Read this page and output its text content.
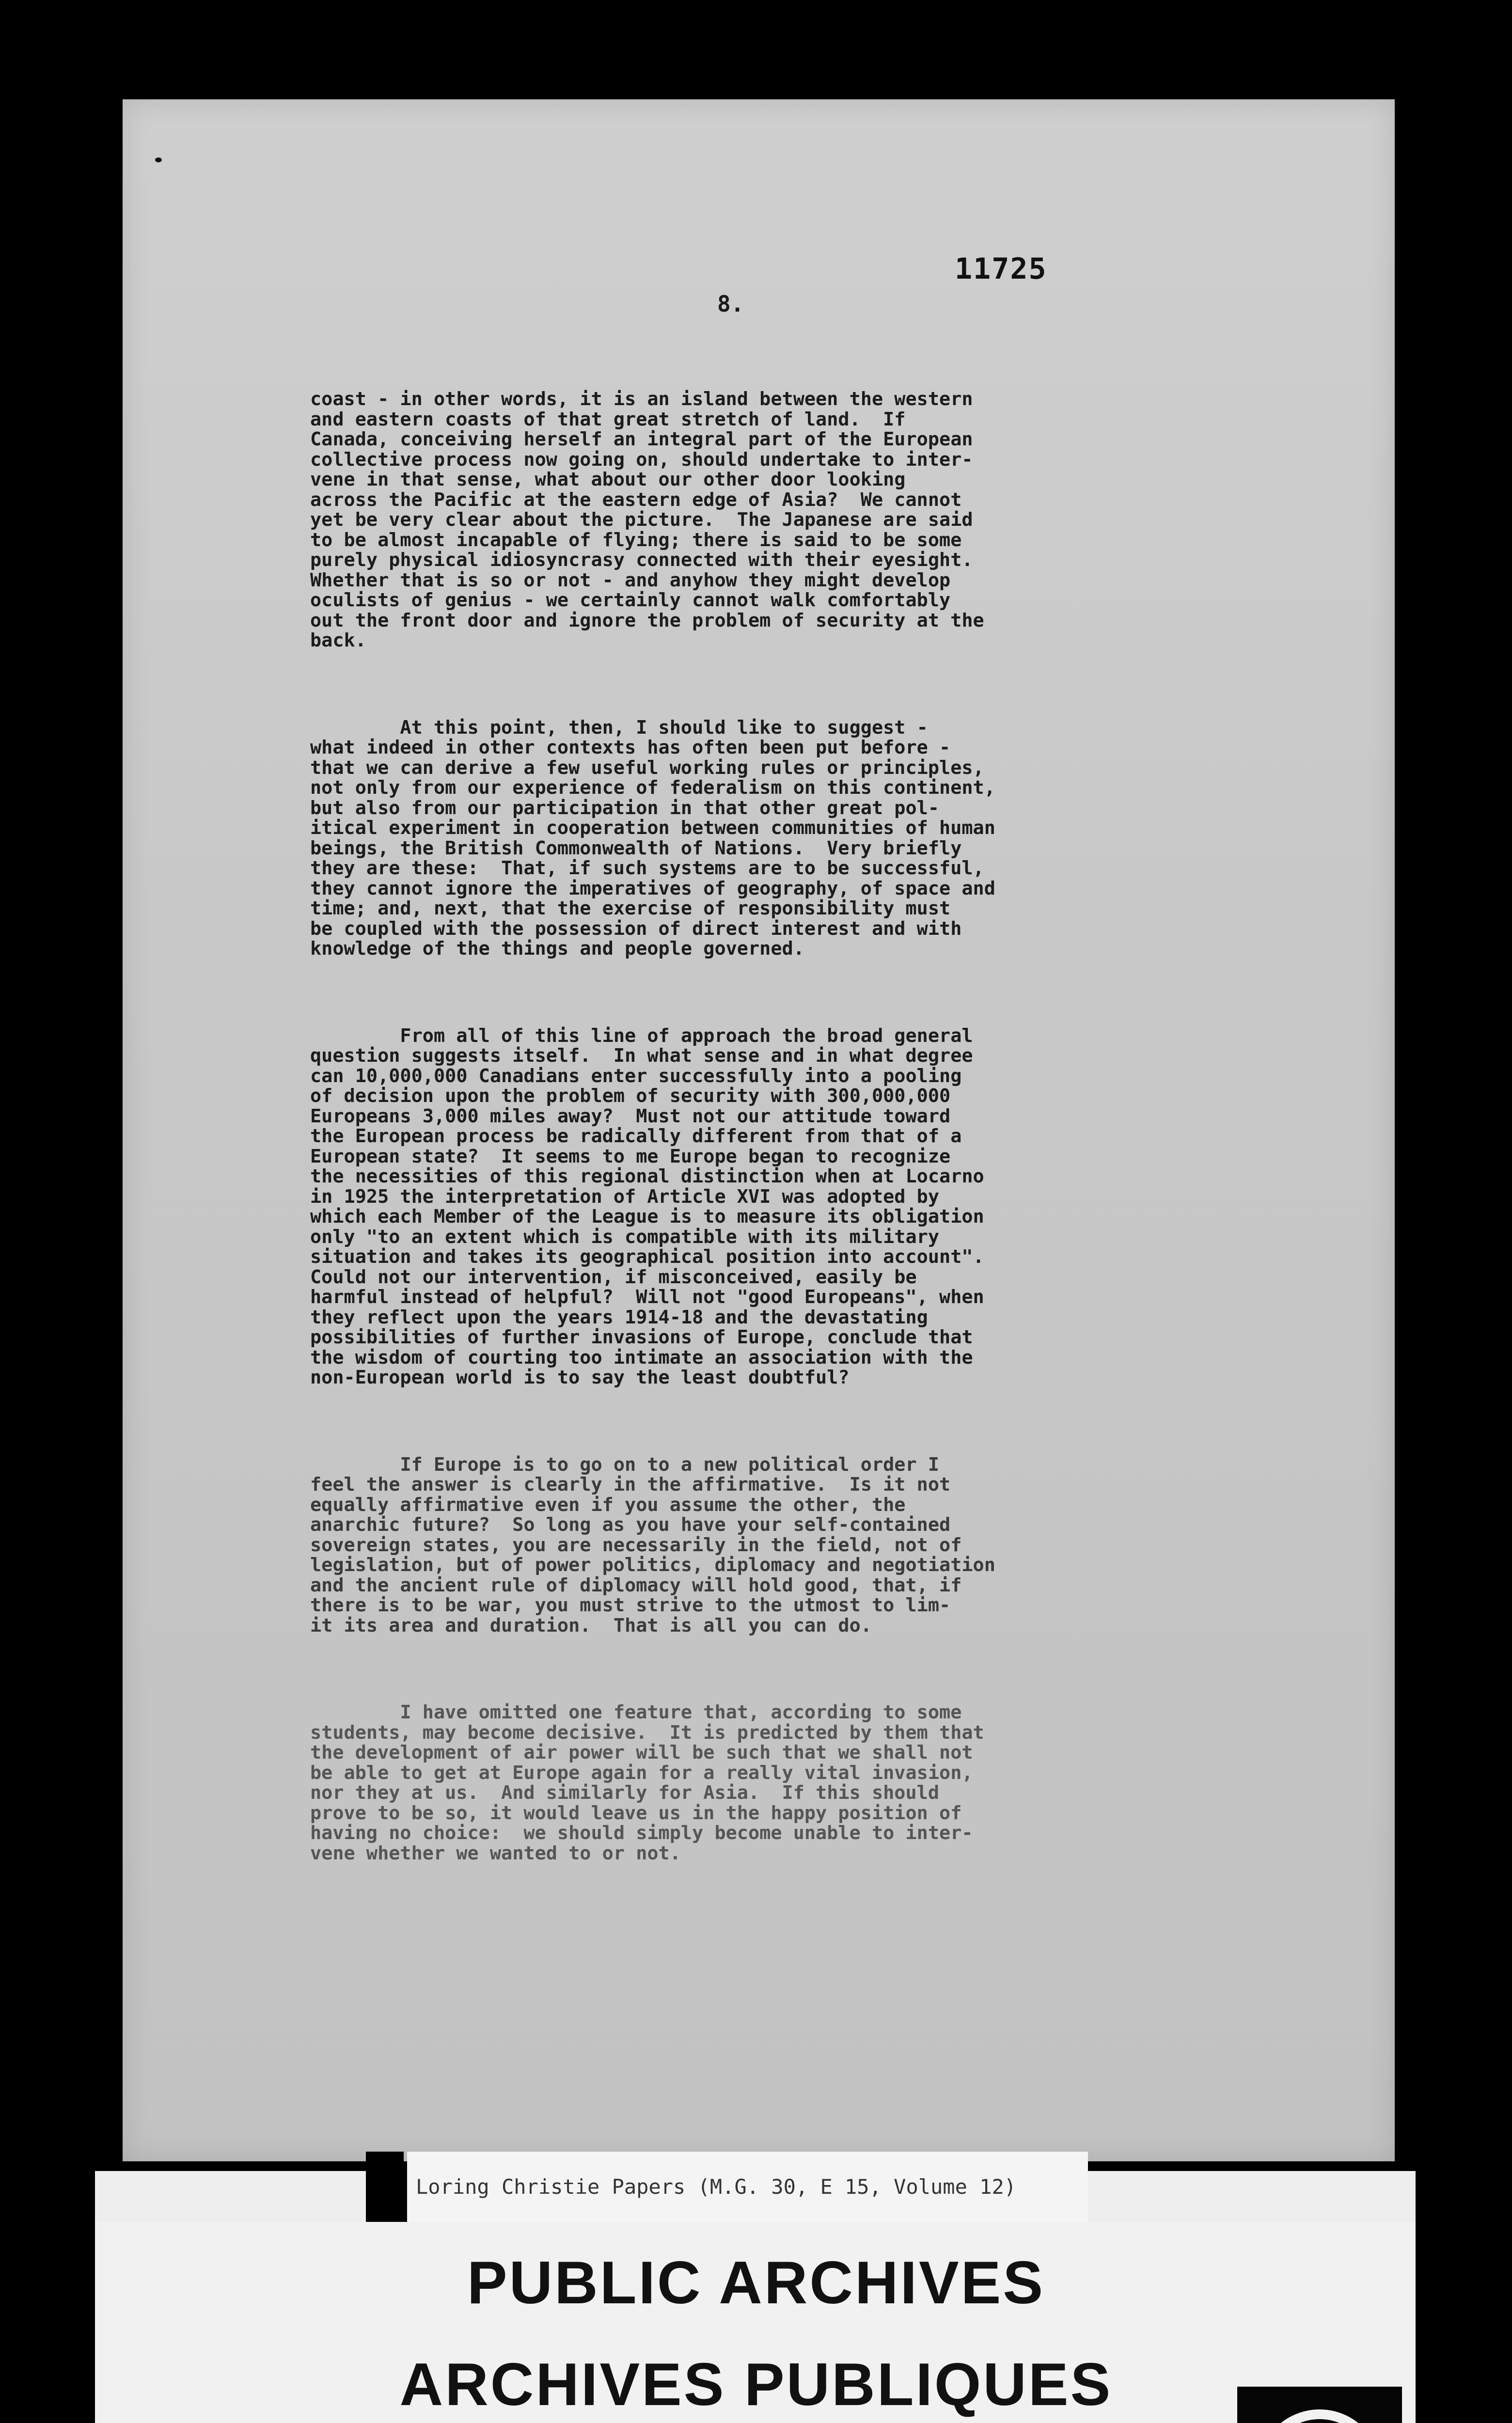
11725
8.

coast - in other words, it is an island between the western
and eastern coasts of that great stretch of land.  If
Canada, conceiving herself an integral part of the European
collective process now going on, should undertake to inter-
vene in that sense, what about our other door looking
across the Pacific at the eastern edge of Asia?  We cannot
yet be very clear about the picture.  The Japanese are said
to be almost incapable of flying; there is said to be some
purely physical idiosyncrasy connected with their eyesight.
Whether that is so or not - and anyhow they might develop
oculists of genius - we certainly cannot walk comfortably
out the front door and ignore the problem of security at the
back.

At this point, then, I should like to suggest -
what indeed in other contexts has often been put before -
that we can derive a few useful working rules or principles,
not only from our experience of federalism on this continent,
but also from our participation in that other great pol-
itical experiment in cooperation between communities of human
beings, the British Commonwealth of Nations.  Very briefly
they are these:  That, if such systems are to be successful,
they cannot ignore the imperatives of geography, of space and
time; and, next, that the exercise of responsibility must
be coupled with the possession of direct interest and with
knowledge of the things and people governed.

From all of this line of approach the broad general
question suggests itself.  In what sense and in what degree
can 10,000,000 Canadians enter successfully into a pooling
of decision upon the problem of security with 300,000,000
Europeans 3,000 miles away?  Must not our attitude toward
the European process be radically different from that of a
European state?  It seems to me Europe began to recognize
the necessities of this regional distinction when at Locarno
in 1925 the interpretation of Article XVI was adopted by
which each Member of the League is to measure its obligation
only "to an extent which is compatible with its military
situation and takes its geographical position into account".
Could not our intervention, if misconceived, easily be
harmful instead of helpful?  Will not "good Europeans", when
they reflect upon the years 1914-18 and the devastating
possibilities of further invasions of Europe, conclude that
the wisdom of courting too intimate an association with the
non-European world is to say the least doubtful?

If Europe is to go on to a new political order I
feel the answer is clearly in the affirmative.  Is it not
equally affirmative even if you assume the other, the
anarchic future?  So long as you have your self-contained
sovereign states, you are necessarily in the field, not of
legislation, but of power politics, diplomacy and negotiation
and the ancient rule of diplomacy will hold good, that, if
there is to be war, you must strive to the utmost to lim-
it its area and duration.  That is all you can do.

I have omitted one feature that, according to some
students, may become decisive.  It is predicted by them that
the development of air power will be such that we shall not
be able to get at Europe again for a really vital invasion,
nor they at us.  And similarly for Asia.  If this should
prove to be so, it would leave us in the happy position of
having no choice:  we should simply become unable to inter-
vene whether we wanted to or not.

Loring Christie Papers (M.G. 30, E 15, Volume 12)
PUBLIC ARCHIVES
ARCHIVES PUBLIQUES
